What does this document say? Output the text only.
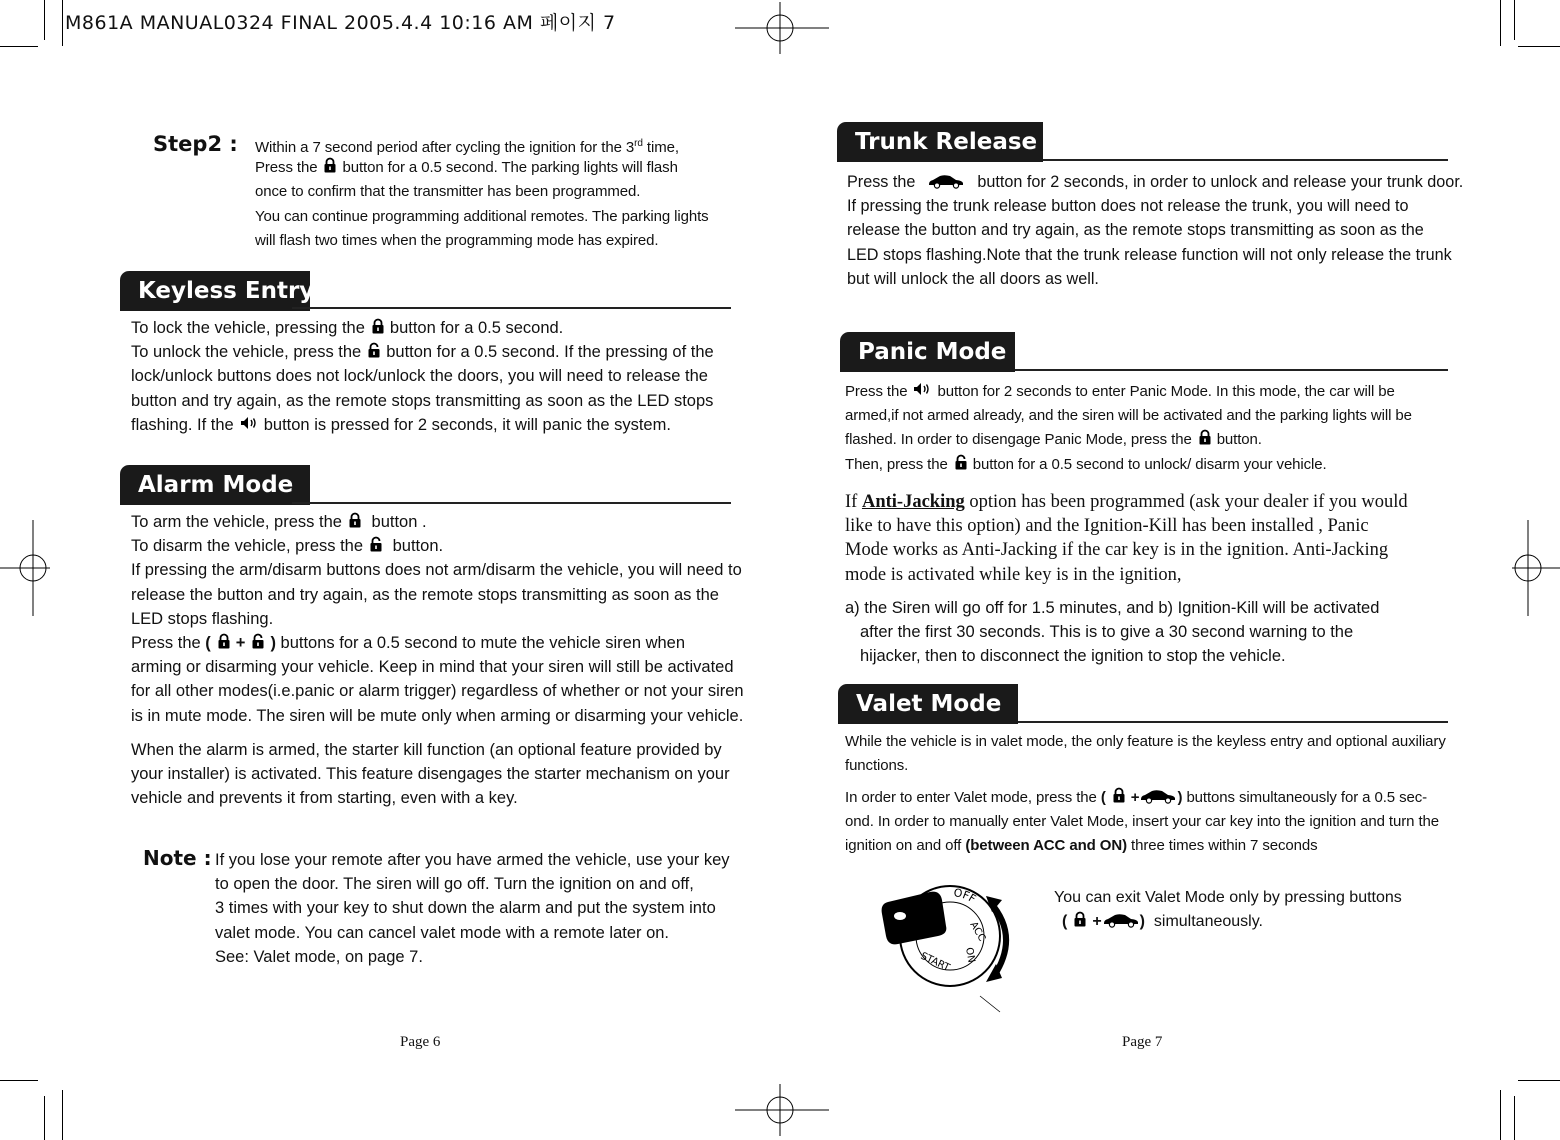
M861A MANUAL0324 FINAL 2005.4.4 10:16 AM 페이지 7
Step2 : Within a 7 second period after cycling the ignition for the 3rd time,
Press the button for a 0.5 second. The parking lights will flash
once to confirm that the transmitter has been programmed.
You can continue programming additional remotes. The parking lights
will flash two times when the programming mode has expired.
Keyless Entry
To lock the vehicle, pressing the button for a 0.5 second.
To unlock the vehicle, press the button for a 0.5 second. If the pressing of the
lock/unlock buttons does not lock/unlock the doors, you will need to release the
button and try again, as the remote stops transmitting as soon as the LED stops
flashing. If the button is pressed for 2 seconds, it will panic the system.
Alarm Mode
To arm the vehicle, press the button .
To disarm the vehicle, press the button.
If pressing the arm/disarm buttons does not arm/disarm the vehicle, you will need to
release the button and try again, as the remote stops transmitting as soon as the
LED stops flashing.
Press the ( + ) buttons for a 0.5 second to mute the vehicle siren when
arming or disarming your vehicle. Keep in mind that your siren will still be activated
for all other modes(i.e.panic or alarm trigger) regardless of whether or not your siren
is in mute mode. The siren will be mute only when arming or disarming your vehicle.
When the alarm is armed, the starter kill function (an optional feature provided by
your installer) is activated. This feature disengages the starter mechanism on your
vehicle and prevents it from starting, even with a key.
Note : If you lose your remote after you have armed the vehicle, use your key
to open the door. The siren will go off. Turn the ignition on and off,
3 times with your key to shut down the alarm and put the system into
valet mode. You can cancel valet mode with a remote later on.
See: Valet mode, on page 7.
Page 6
Trunk Release
Press the	button for 2 seconds, in order to unlock and release your trunk door.
If pressing the trunk release button does not release the trunk, you will need to
release the button and try again, as the remote stops transmitting as soon as the
LED stops flashing.Note that the trunk release function will not only release the trunk
but will unlock the all doors as well.
Panic Mode
Press the button for 2 seconds to enter Panic Mode. In this mode, the car will be
armed,if not armed already, and the siren will be activated and the parking lights will be
flashed. In order to disengage Panic Mode, press the button.
Then, press the button for a 0.5 second to unlock/ disarm your vehicle.
If Anti-Jacking option has been programmed (ask your dealer if you would
like to have this option) and the Ignition-Kill has been installed , Panic
Mode works as Anti-Jacking if the car key is in the ignition. Anti-Jacking
mode is activated while key is in the ignition,
a) the Siren will go off for 1.5 minutes, and b) Ignition-Kill will be activated
after the first 30 seconds. This is to give a 30 second warning to the
hijacker, then to disconnect the ignition to stop the vehicle.
Valet Mode
While the vehicle is in valet mode, the only feature is the keyless entry and optional auxiliary
functions.
In order to enter Valet mode, press the ( +	) buttons simultaneously for a 0.5 sec-
ond. In order to manually enter Valet Mode, insert your car key into the ignition and turn the
ignition on and off (between ACC and ON) three times within 7 seconds
OFF
ACC
ON
START
You can exit Valet Mode only by pressing buttons
( + ) simultaneously.
Page 7
